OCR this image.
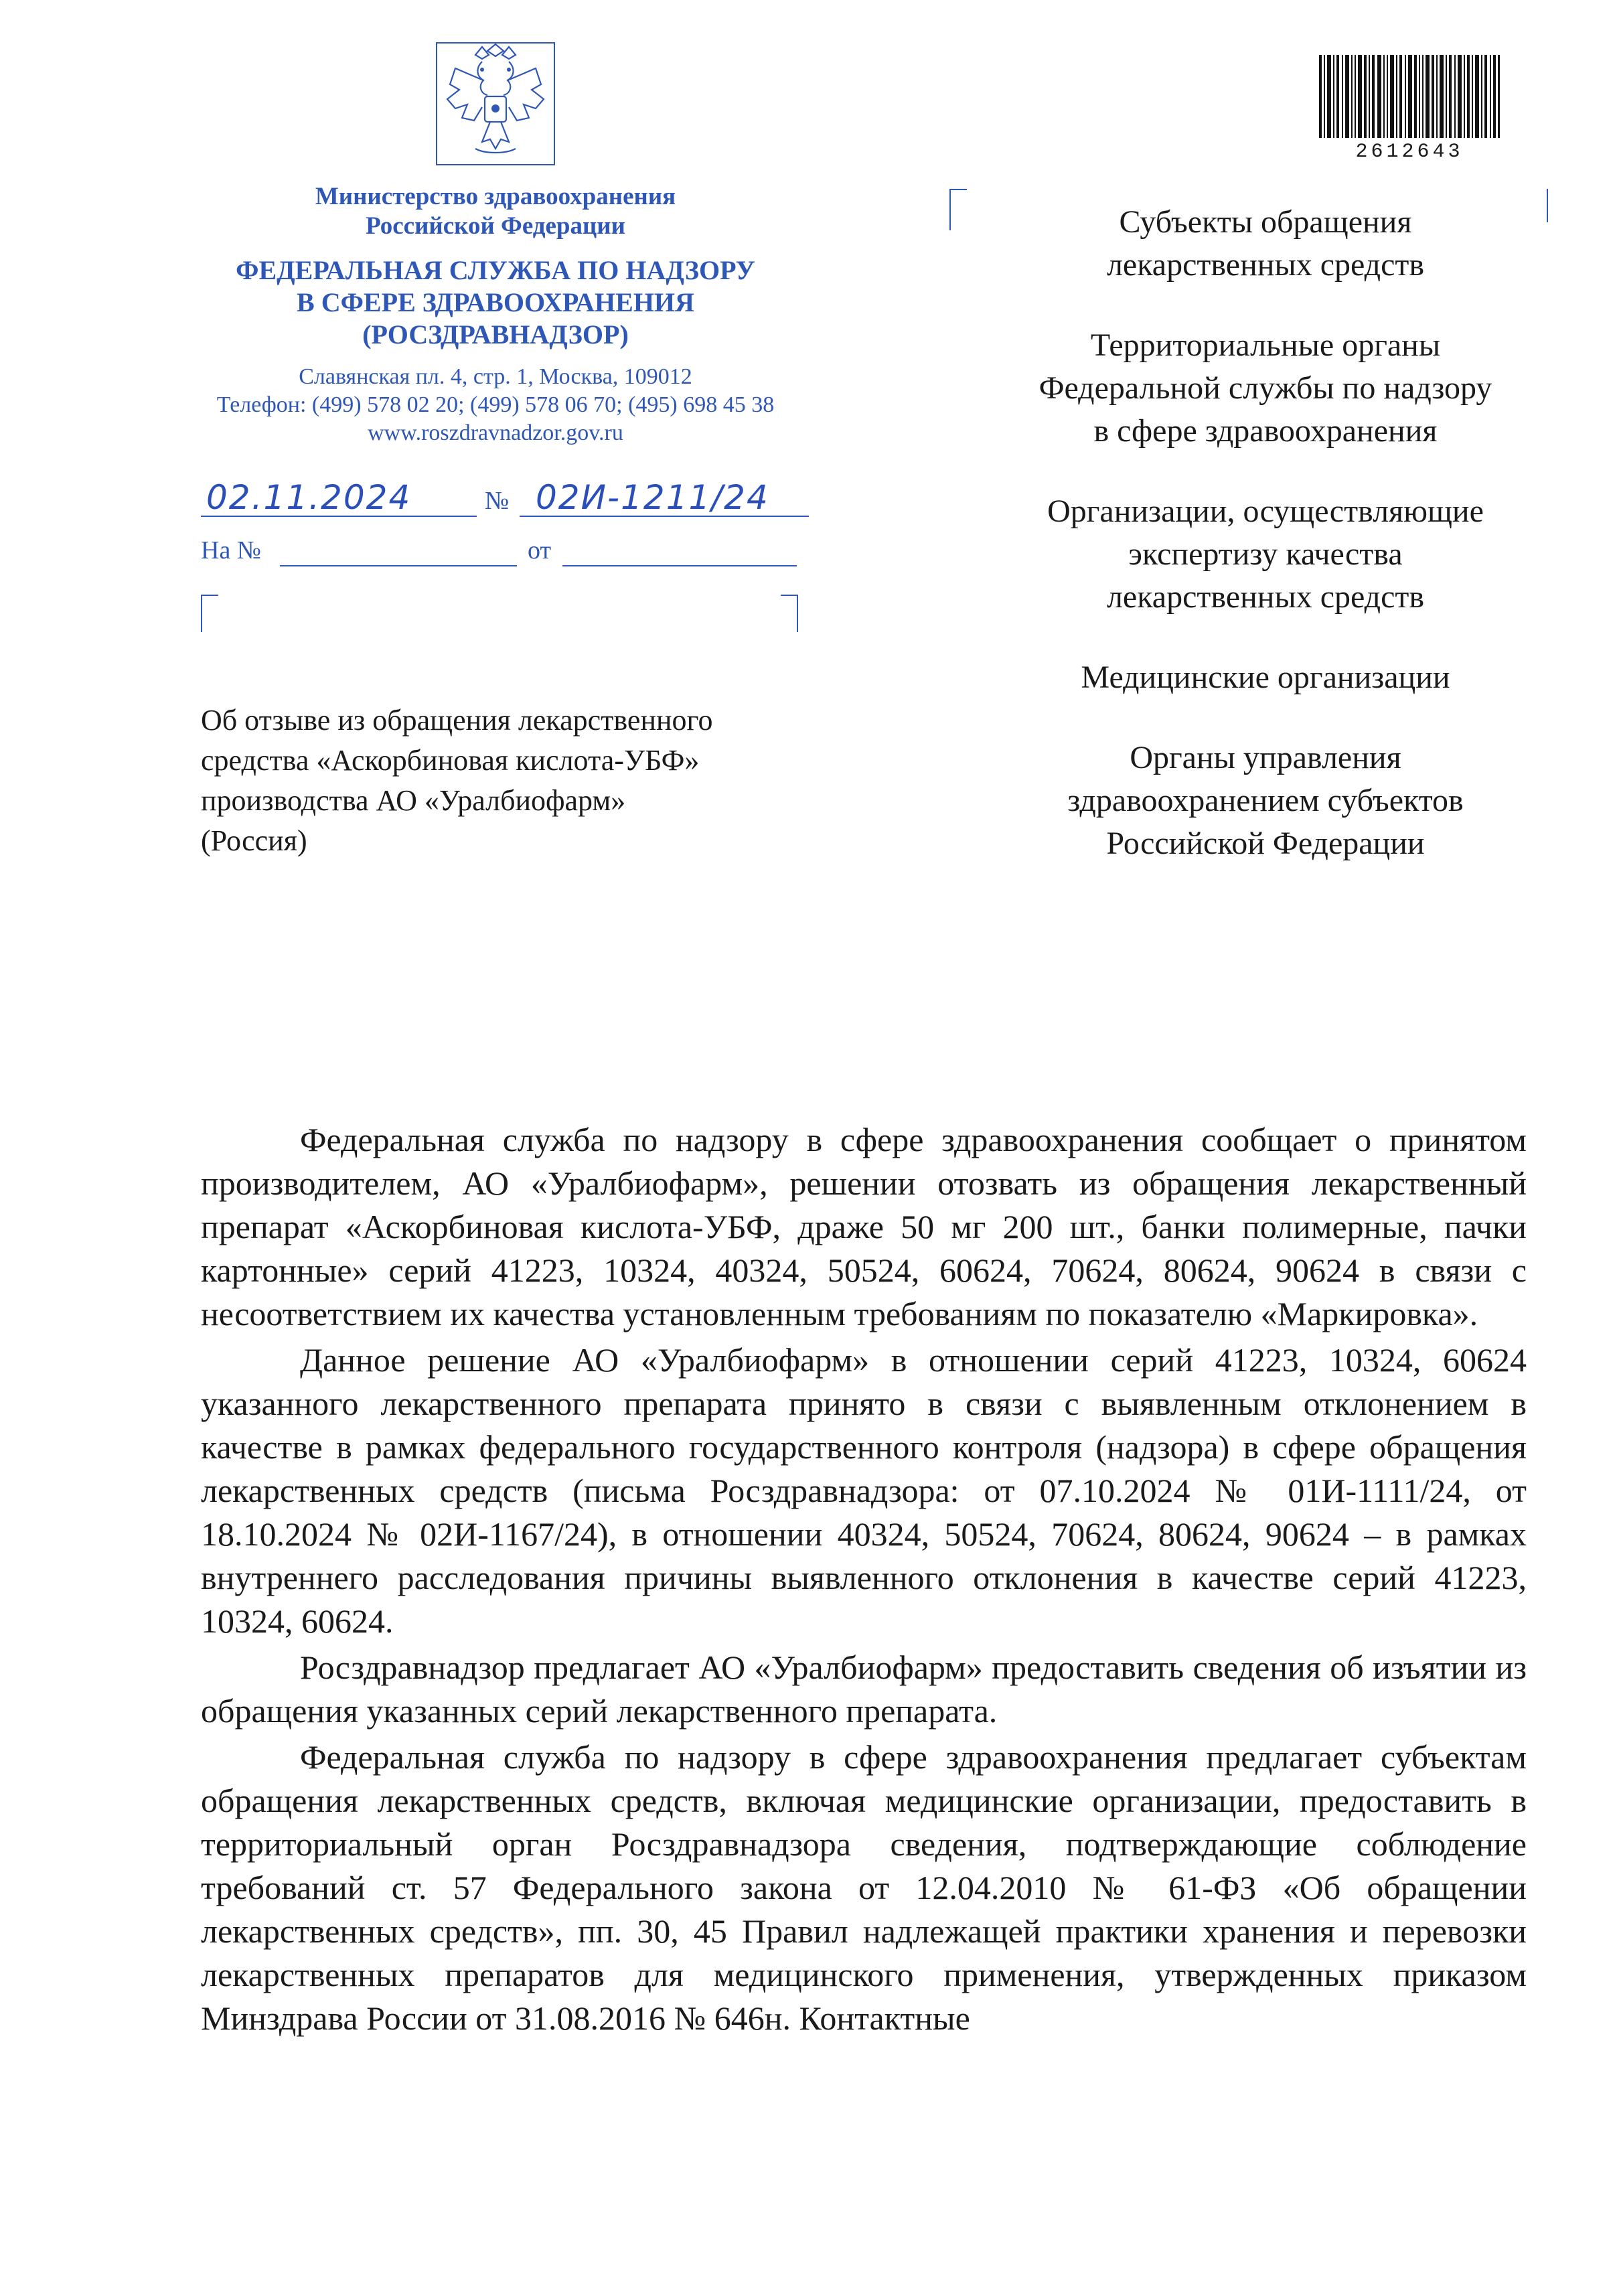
Министерство здравоохранения
Российской Федерации
ФЕДЕРАЛЬНАЯ СЛУЖБА ПО НАДЗОРУ
В СФЕРЕ ЗДРАВООХРАНЕНИЯ
(РОСЗДРАВНАДЗОР)
Славянская пл. 4, стр. 1, Москва, 109012
Телефон: (499) 578 02 20; (499) 578 06 70; (495) 698 45 38
www.roszdravnadzor.gov.ru
02.11.2024	№ 02И-1211/24
На №	от
2612643

Субъекты обращения
лекарственных средств

Территориальные органы
Федеральной службы по надзору
в сфере здравоохранения

Организации, осуществляющие
экспертизу качества
лекарственных средств

Медицинские организации

Органы управления
здравоохранением субъектов
Российской Федерации

Об отзыве из обращения лекарственного
средства «Аскорбиновая кислота-УБФ»
производства АО «Уралбиофарм»
(Россия)

Федеральная служба по надзору в сфере здравоохранения сообщает о принятом производителем, АО «Уралбиофарм», решении отозвать из обращения лекарственный препарат «Аскорбиновая кислота-УБФ, драже 50 мг 200 шт., банки полимерные, пачки картонные» серий 41223, 10324, 40324, 50524, 60624, 70624, 80624, 90624 в связи с несоответствием их качества установленным требованиям по показателю «Маркировка».

Данное решение АО «Уралбиофарм» в отношении серий 41223, 10324, 60624 указанного лекарственного препарата принято в связи с выявленным отклонением в качестве в рамках федерального государственного контроля (надзора) в сфере обращения лекарственных средств (письма Росздравнадзора: от 07.10.2024 № 01И-1111/24, от 18.10.2024 № 02И-1167/24), в отношении 40324, 50524, 70624, 80624, 90624 – в рамках внутреннего расследования причины выявленного отклонения в качестве серий 41223, 10324, 60624.

Росздравнадзор предлагает АО «Уралбиофарм» предоставить сведения об изъятии из обращения указанных серий лекарственного препарата.

Федеральная служба по надзору в сфере здравоохранения предлагает субъектам обращения лекарственных средств, включая медицинские организации, предоставить в территориальный орган Росздравнадзора сведения, подтверждающие соблюдение требований ст. 57 Федерального закона от 12.04.2010 № 61-ФЗ «Об обращении лекарственных средств», пп. 30, 45 Правил надлежащей практики хранения и перевозки лекарственных препаратов для медицинского применения, утвержденных приказом Минздрава России от 31.08.2016 № 646н. Контактные
